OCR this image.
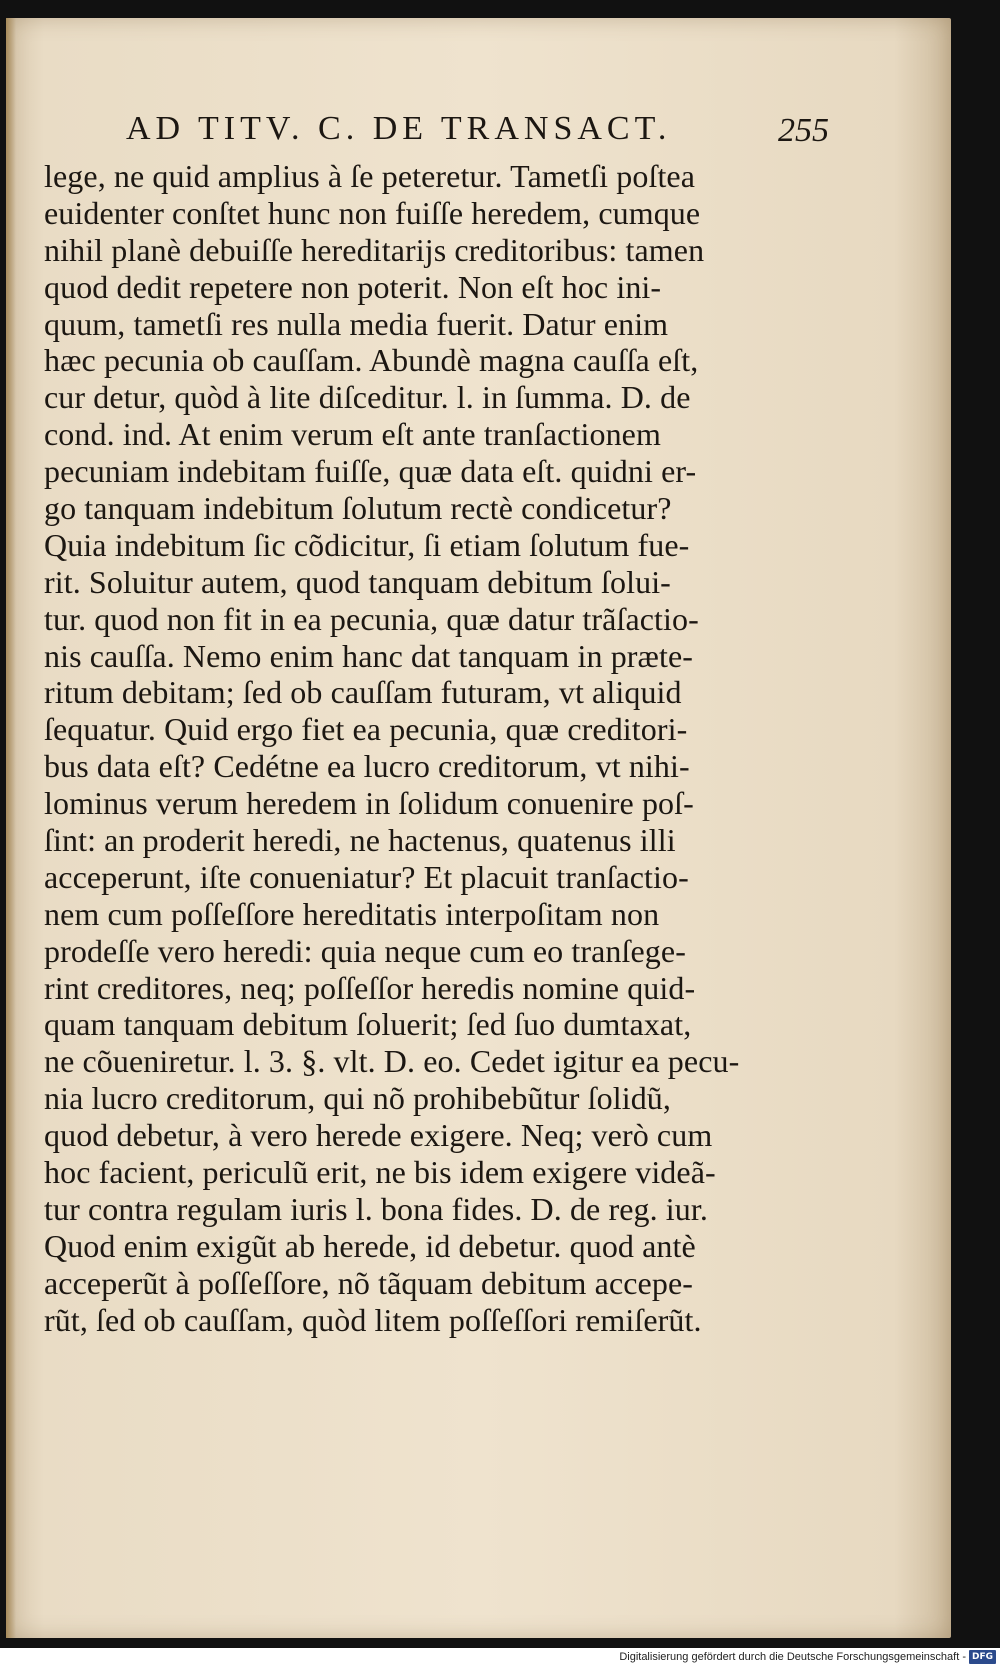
AD TITV. C. DE TRANSACT.	255
lege, ne quid amplius à ſe peteretur. Tametſi poſtea
euidenter conſtet hunc non fuiſſe heredem, cumque
nihil planè debuiſſe hereditarijs creditoribus: tamen
quod dedit repetere non poterit. Non eſt hoc ini-
quum, tametſi res nulla media fuerit. Datur enim
hæc pecunia ob cauſſam. Abundè magna cauſſa eſt,
cur detur, quòd à lite diſceditur. l. in ſumma. D. de
cond. ind. At enim verum eſt ante tranſactionem
pecuniam indebitam fuiſſe, quæ data eſt. quidni er-
go tanquam indebitum ſolutum rectè condicetur?
Quia indebitum ſic cõdicitur, ſi etiam ſolutum fue-
rit. Soluitur autem, quod tanquam debitum ſolui-
tur. quod non fit in ea pecunia, quæ datur trãſactio-
nis cauſſa. Nemo enim hanc dat tanquam in præte-
ritum debitam; ſed ob cauſſam futuram, vt aliquid
ſequatur. Quid ergo fiet ea pecunia, quæ creditori-
bus data eſt? Cedétne ea lucro creditorum, vt nihi-
lominus verum heredem in ſolidum conuenire poſ-
ſint: an proderit heredi, ne hactenus, quatenus illi
acceperunt, iſte conueniatur? Et placuit tranſactio-
nem cum poſſeſſore hereditatis interpoſitam non
prodeſſe vero heredi: quia neque cum eo tranſege-
rint creditores, neq; poſſeſſor heredis nomine quid-
quam tanquam debitum ſoluerit; ſed ſuo dumtaxat,
ne cõueniretur. l. 3. §. vlt. D. eo. Cedet igitur ea pecu-
nia lucro creditorum, qui nõ prohibebũtur ſolidũ,
quod debetur, à vero herede exigere. Neq; verò cum
hoc facient, periculũ erit, ne bis idem exigere videã-
tur contra regulam iuris l. bona fides. D. de reg. iur.
Quod enim exigũt ab herede, id debetur. quod antè
acceperũt à poſſeſſore, nõ tãquam debitum accepe-
rũt, ſed ob cauſſam, quòd litem poſſeſſori remiſerũt.
Digitalisierung gefördert durch die Deutsche Forschungsgemeinschaft - DFG
